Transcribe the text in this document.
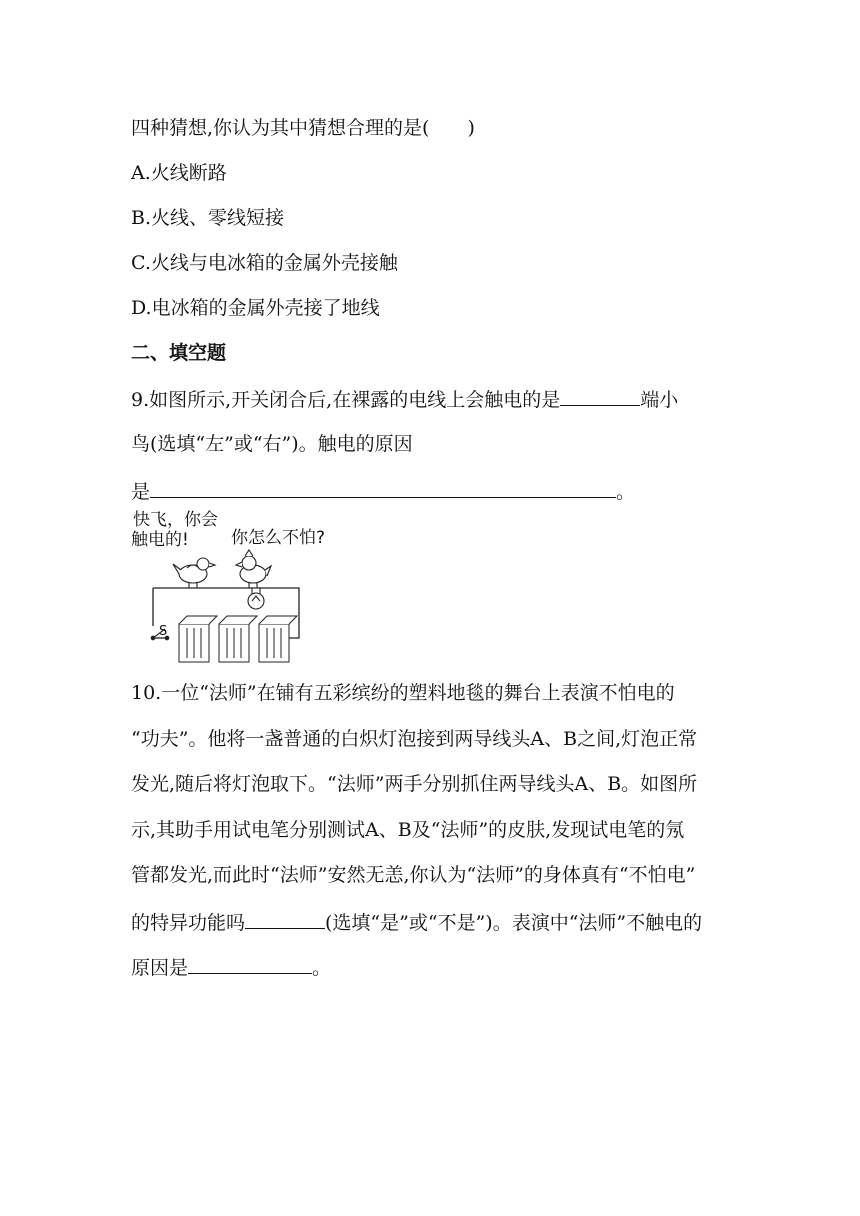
四种猜想,你认为其中猜想合理的是(　　)
A.火线断路
B.火线、零线短接
C.火线与电冰箱的金属外壳接触
D.电冰箱的金属外壳接了地线
二、填空题
9.如图所示,开关闭合后,在裸露的电线上会触电的是	端小
鸟(选填“左”或“右”)。触电的原因
是	。
快飞，你会
触电的! 你怎么不怕?
S
10.一位“法师”在铺有五彩缤纷的塑料地毯的舞台上表演不怕电的
“功夫”。他将一盏普通的白炽灯泡接到两导线头A、B之间,灯泡正常
发光,随后将灯泡取下。“法师”两手分别抓住两导线头A、B。如图所
示,其助手用试电笔分别测试A、B及“法师”的皮肤,发现试电笔的氖
管都发光,而此时“法师”安然无恙,你认为“法师”的身体真有“不怕电”
的特异功能吗	(选填“是”或“不是”)。表演中“法师”不触电的
原因是	。
